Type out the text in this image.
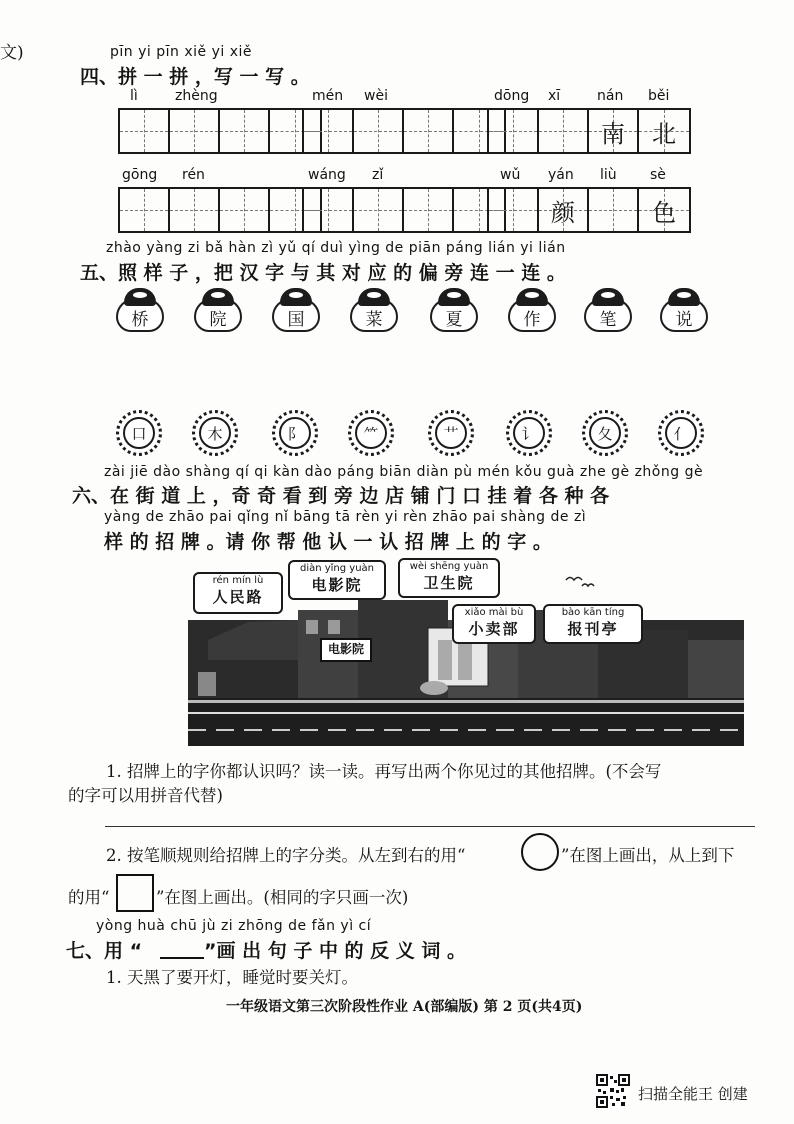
文)	pīn yi pīn xiě yi xiě
四、拼 一 拼 ，写 一 写 。
南 北
颜	色
zhào yàng zi bǎ hàn zì yǔ qí duì yìng de piān páng lián yi lián
五、照 样 子 ，把 汉 字 与 其 对 应 的 偏 旁 连 一 连 。
桥	院	国	菜	夏	作	笔	说
口	木	阝	⺮	艹	讠	夂	亻
zài jiē dào shàng qí qi kàn dào páng biān diàn pù mén kǒu guà zhe gè zhǒng gè
六、在 街 道 上 ，奇 奇 看 到 旁 边 店 铺 门 口 挂 着 各 种 各
yàng de zhāo pai qǐng nǐ bāng tā rèn yi rèn zhāo pai shàng de zì
样 的 招 牌 。请 你 帮 他 认 一 认 招 牌 上 的 字 。
电影院
rén mín lù
人民路
diàn yǐng yuàn
电影院
wèi shēng yuàn
卫生院
xiǎo mài bù
小卖部
bào kān tíng
报刊亭
1. 招牌上的字你都认识吗？读一读。再写出两个你见过的其他招牌。(不会写
的字可以用拼音代替)
2. 按笔顺规则给招牌上的字分类。从左到右的用“	”在图上画出，从上到下
的用“	”在图上画出。(相同的字只画一次)
yòng huà chū jù zi zhōng de fǎn yì cí
七、用 “	”画 出 句 子 中 的 反 义 词 。
1. 天黑了要开灯，睡觉时要关灯。
一年级语文第三次阶段性作业 A(部编版) 第 2 页(共4页)
扫描全能王 创建
lì	zhèng	mén wèi	dōng xī	nán běi
gōng rén	wáng zǐ	wǔ yán liù sè
